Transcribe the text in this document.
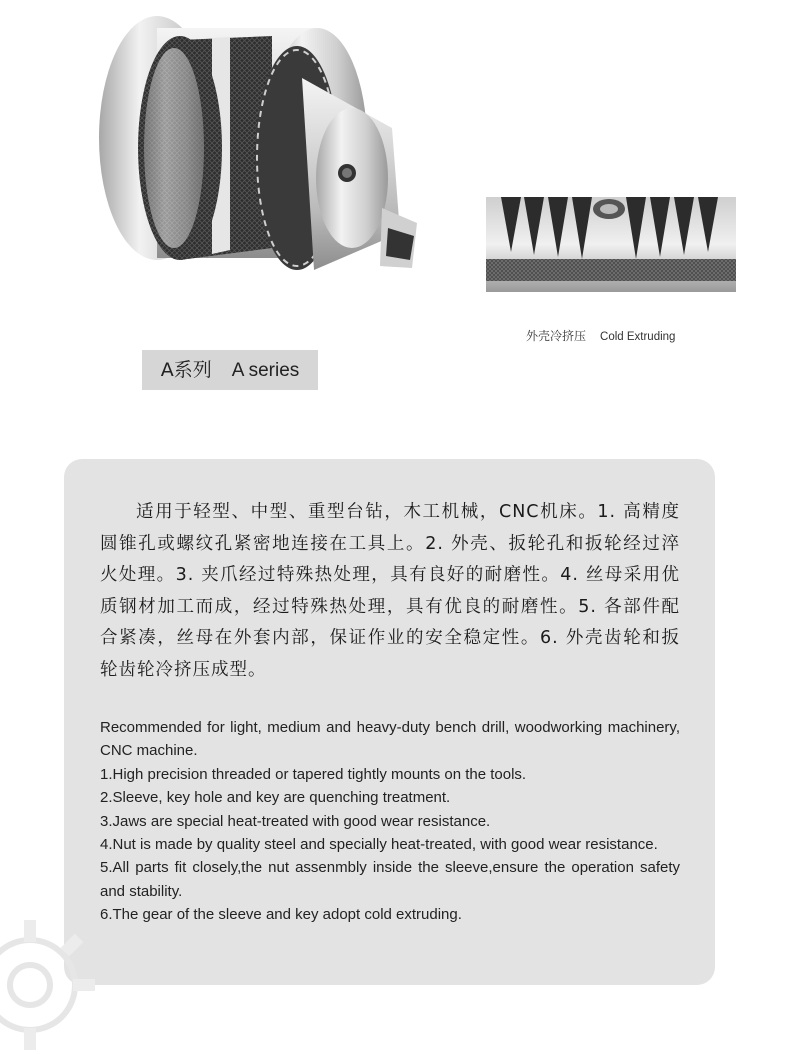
外壳冷挤压 Cold Extruding
A系列 A series
适用于轻型、中型、重型台钻，木工机械，CNC机床。1. 高精度圆锥孔或螺纹孔紧密地连接在工具上。2. 外壳、扳轮孔和扳轮经过淬火处理。3. 夹爪经过特殊热处理，具有良好的耐磨性。4. 丝母采用优质钢材加工而成，经过特殊热处理，具有优良的耐磨性。5. 各部件配合紧凑，丝母在外套内部，保证作业的安全稳定性。6. 外壳齿轮和扳轮齿轮冷挤压成型。

Recommended for light, medium and heavy-duty bench drill, woodworking machinery, CNC machine.

1.High precision threaded or tapered tightly mounts on the tools.

2.Sleeve, key hole and key are quenching treatment.

3.Jaws are special heat-treated with good wear resistance.

4.Nut is made by quality steel and specially heat-treated, with good wear resistance.

5.All parts fit closely,the nut assenmbly inside the sleeve,ensure the operation safety and stability.

6.The gear of the sleeve and key adopt cold extruding.
